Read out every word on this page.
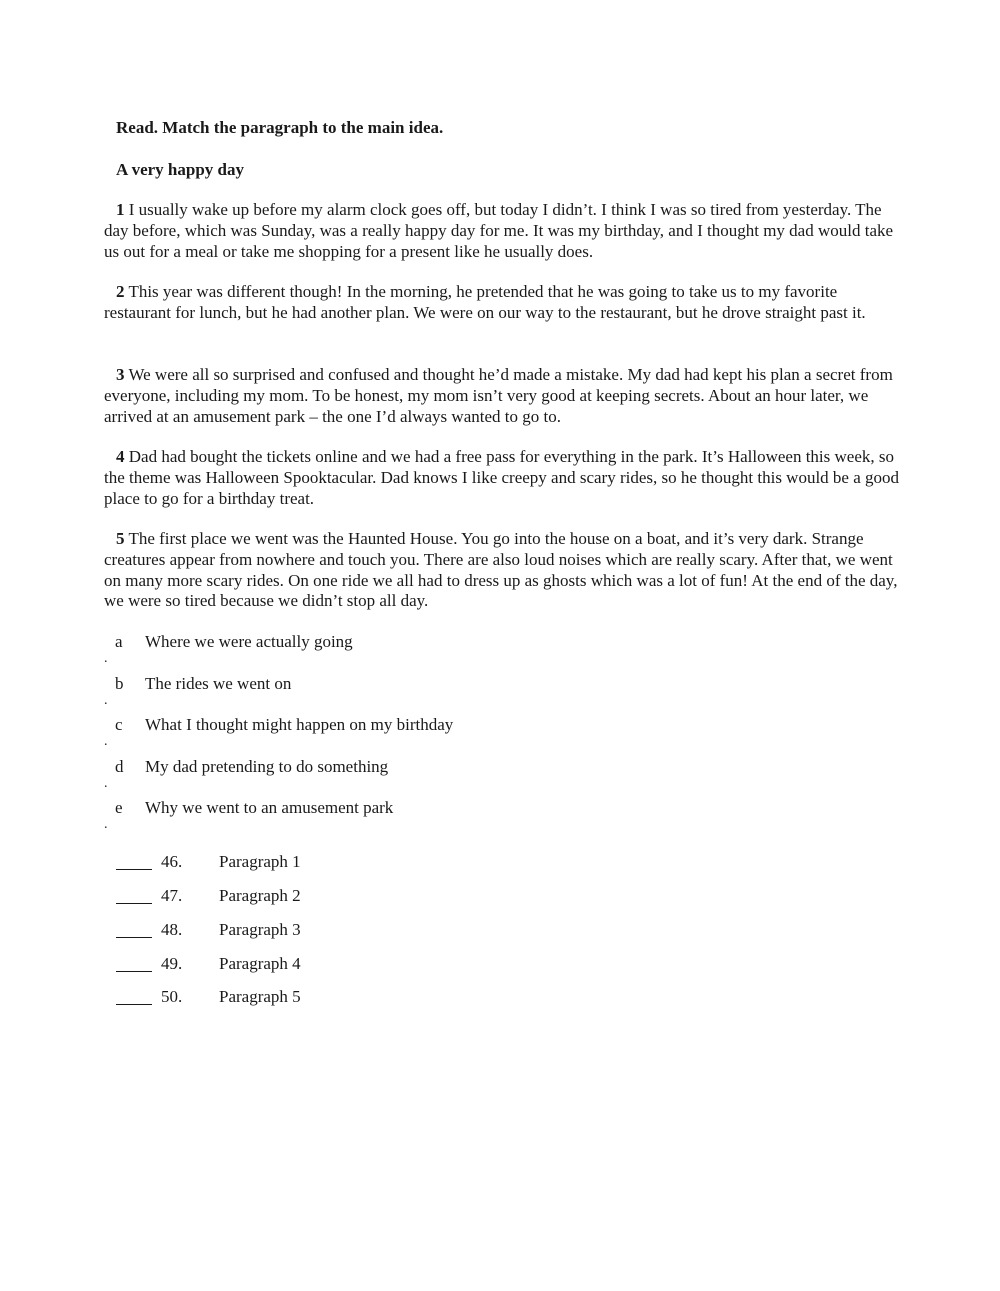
Read. Match the paragraph to the main idea.
A very happy day

1 I usually wake up before my alarm clock goes off, but today I didn’t. I think I was so tired from yesterday. The day before, which was Sunday, was a really happy day for me. It was my birthday, and I thought my dad would take us out for a meal or take me shopping for a present like he usually does.

2 This year was different though! In the morning, he pretended that he was going to take us to my favorite restaurant for lunch, but he had another plan. We were on our way to the restaurant, but he drove straight past it.

3 We were all so surprised and confused and thought he’d made a mistake. My dad had kept his plan a secret from everyone, including my mom. To be honest, my mom isn’t very good at keeping secrets. About an hour later, we arrived at an amusement park – the one I’d always wanted to go to.

4 Dad had bought the tickets online and we had a free pass for everything in the park. It’s Halloween this week, so the theme was Halloween Spooktacular. Dad knows I like creepy and scary rides, so he thought this would be a good place to go for a birthday treat.

5 The first place we went was the Haunted House. You go into the house on a boat, and it’s very dark. Strange creatures appear from nowhere and touch you. There are also loud noises which are really scary. After that, we went on many more scary rides. On one ride we all had to dress up as ghosts which was a lot of fun! At the end of the day, we were so tired because we didn’t stop all day.

a Where we were actually going
.
b The rides we went on
.
c What I thought might happen on my birthday
.
d My dad pretending to do something
.
e Why we went to an amusement park
.
46. Paragraph 1
47. Paragraph 2
48. Paragraph 3
49. Paragraph 4
50. Paragraph 5
